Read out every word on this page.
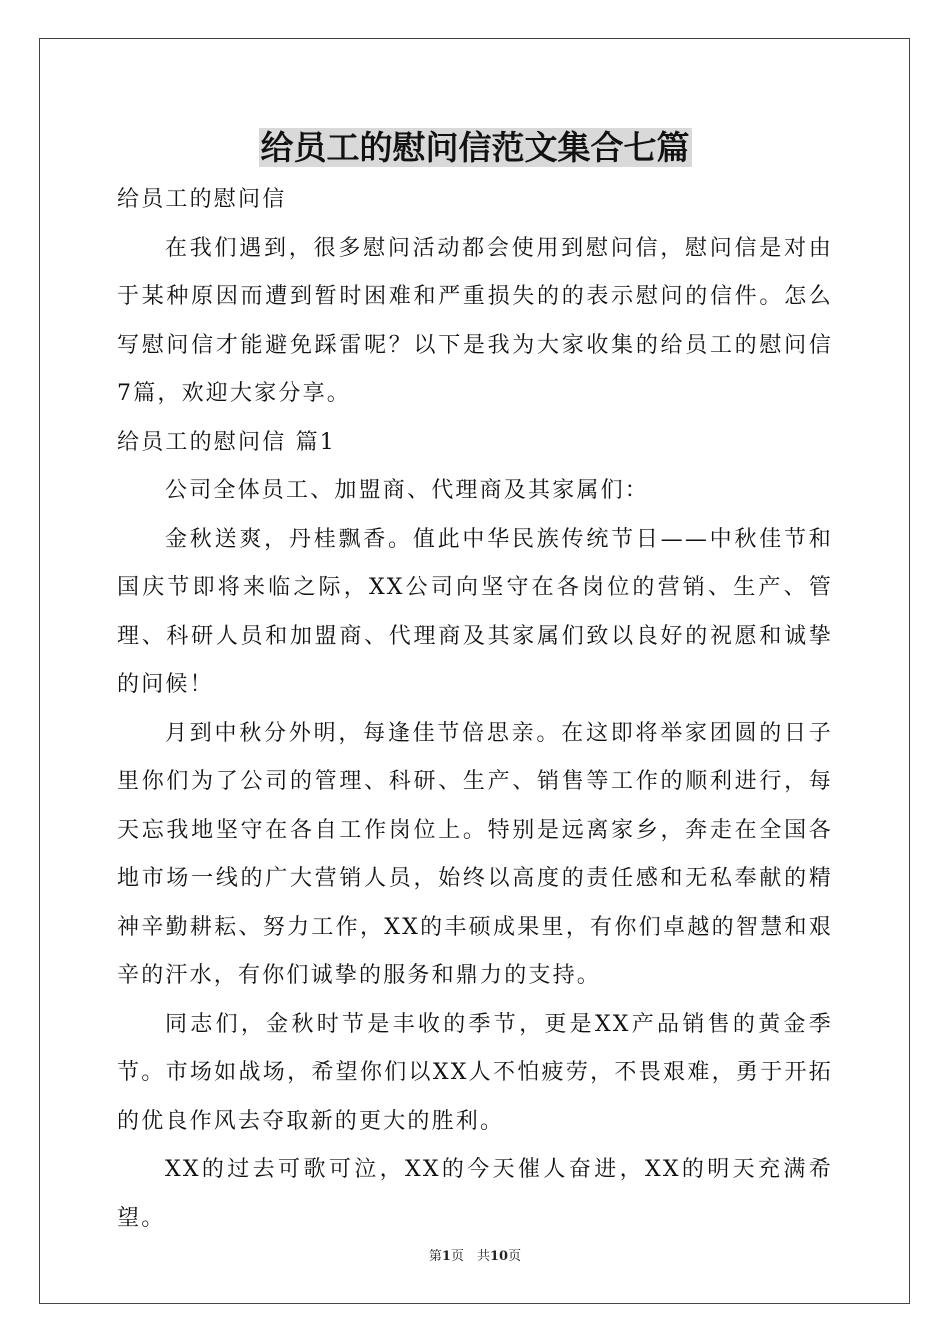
给员工的慰问信范文集合七篇

给员工的慰问信

在我们遇到，很多慰问活动都会使用到慰问信，慰问信是对由于某种原因而遭到暂时困难和严重损失的的表示慰问的信件。怎么写慰问信才能避免踩雷呢？以下是我为大家收集的给员工的慰问信7篇，欢迎大家分享。

给员工的慰问信 篇1

公司全体员工、加盟商、代理商及其家属们：

金秋送爽，丹桂飘香。值此中华民族传统节日——中秋佳节和国庆节即将来临之际，XX公司向坚守在各岗位的营销、生产、管理、科研人员和加盟商、代理商及其家属们致以良好的祝愿和诚挚的问候！

月到中秋分外明，每逢佳节倍思亲。在这即将举家团圆的日子里你们为了公司的管理、科研、生产、销售等工作的顺利进行，每天忘我地坚守在各自工作岗位上。特别是远离家乡，奔走在全国各地市场一线的广大营销人员，始终以高度的责任感和无私奉献的精神辛勤耕耘、努力工作，XX的丰硕成果里，有你们卓越的智慧和艰辛的汗水，有你们诚挚的服务和鼎力的支持。

同志们，金秋时节是丰收的季节，更是XX产品销售的黄金季节。市场如战场，希望你们以XX人不怕疲劳，不畏艰难，勇于开拓的优良作风去夺取新的更大的胜利。

XX的过去可歌可泣，XX的今天催人奋进，XX的明天充满希望。

第1页　共10页
